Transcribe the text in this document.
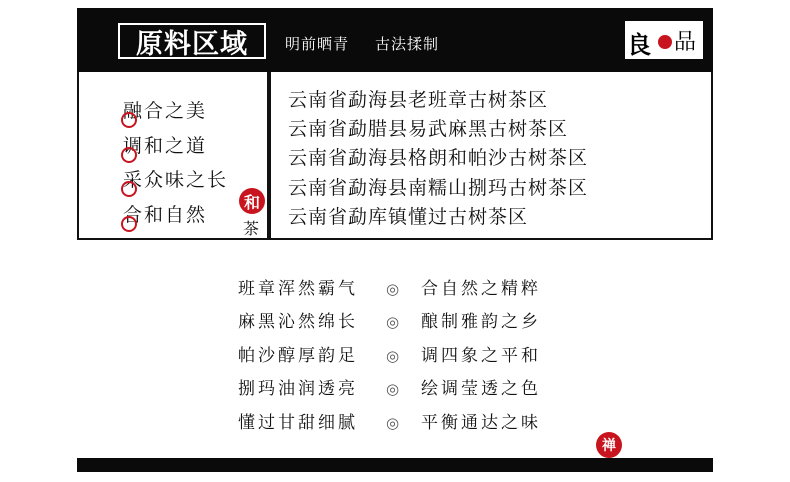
原料区域	明前晒青 古法揉制	良 品
融合之美
调和之道
采众味之长
合和自然
和
茶
云南省勐海县老班章古树茶区
云南省勐腊县易武麻黑古树茶区
云南省勐海县格朗和帕沙古树茶区
云南省勐海县南糯山捌玛古树茶区
云南省勐库镇懂过古树茶区
班章浑然霸气 ◎ 合自然之精粹
麻黑沁然绵长 ◎ 酿制雅韵之乡
帕沙醇厚韵足 ◎ 调四象之平和
捌玛油润透亮 ◎ 绘调莹透之色
懂过甘甜细腻 ◎ 平衡通达之味
禅
